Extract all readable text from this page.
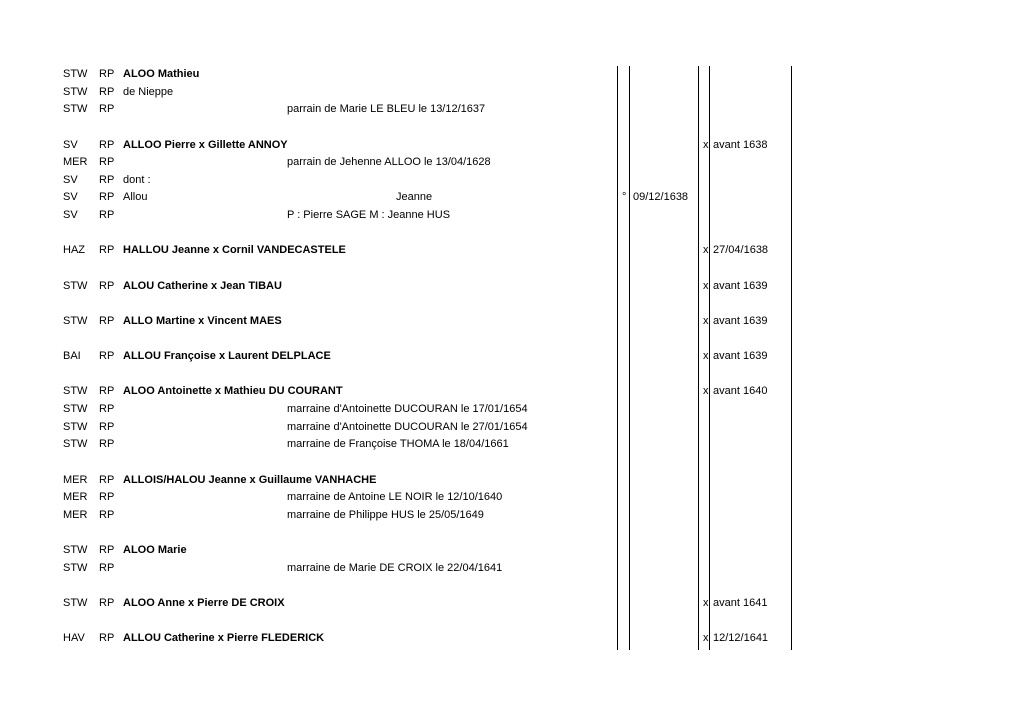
STW RP ALOO Mathieu
STW RP de Nieppe
STW RP	parrain de Marie LE BLEU le 13/12/1637
SV RP ALLOO Pierre x Gillette ANNOY	x avant 1638
MER RP	parrain de Jehenne ALLOO le 13/04/1628
SV RP dont :
SV RP Allou	Jeanne	° 09/12/1638
SV RP	P : Pierre SAGE M : Jeanne HUS
HAZ RP HALLOU Jeanne x Cornil VANDECASTELE	x 27/04/1638
STW RP ALOU Catherine x Jean TIBAU	x avant 1639
STW RP ALLO Martine x Vincent MAES	x avant 1639
BAI RP ALLOU Françoise x Laurent DELPLACE	x avant 1639
STW RP ALOO Antoinette x Mathieu DU COURANT	x avant 1640
STW RP	marraine d'Antoinette DUCOURAN le 17/01/1654
STW RP	marraine d'Antoinette DUCOURAN le 27/01/1654
STW RP	marraine de Françoise THOMA le 18/04/1661
MER RP ALLOIS/HALOU Jeanne x Guillaume VANHACHE
MER RP	marraine de Antoine LE NOIR le 12/10/1640
MER RP	marraine de Philippe HUS le 25/05/1649
STW RP ALOO Marie
STW RP	marraine de Marie DE CROIX le 22/04/1641
STW RP ALOO Anne x Pierre DE CROIX	x avant 1641
HAV RP ALLOU Catherine x Pierre FLEDERICK	x 12/12/1641
